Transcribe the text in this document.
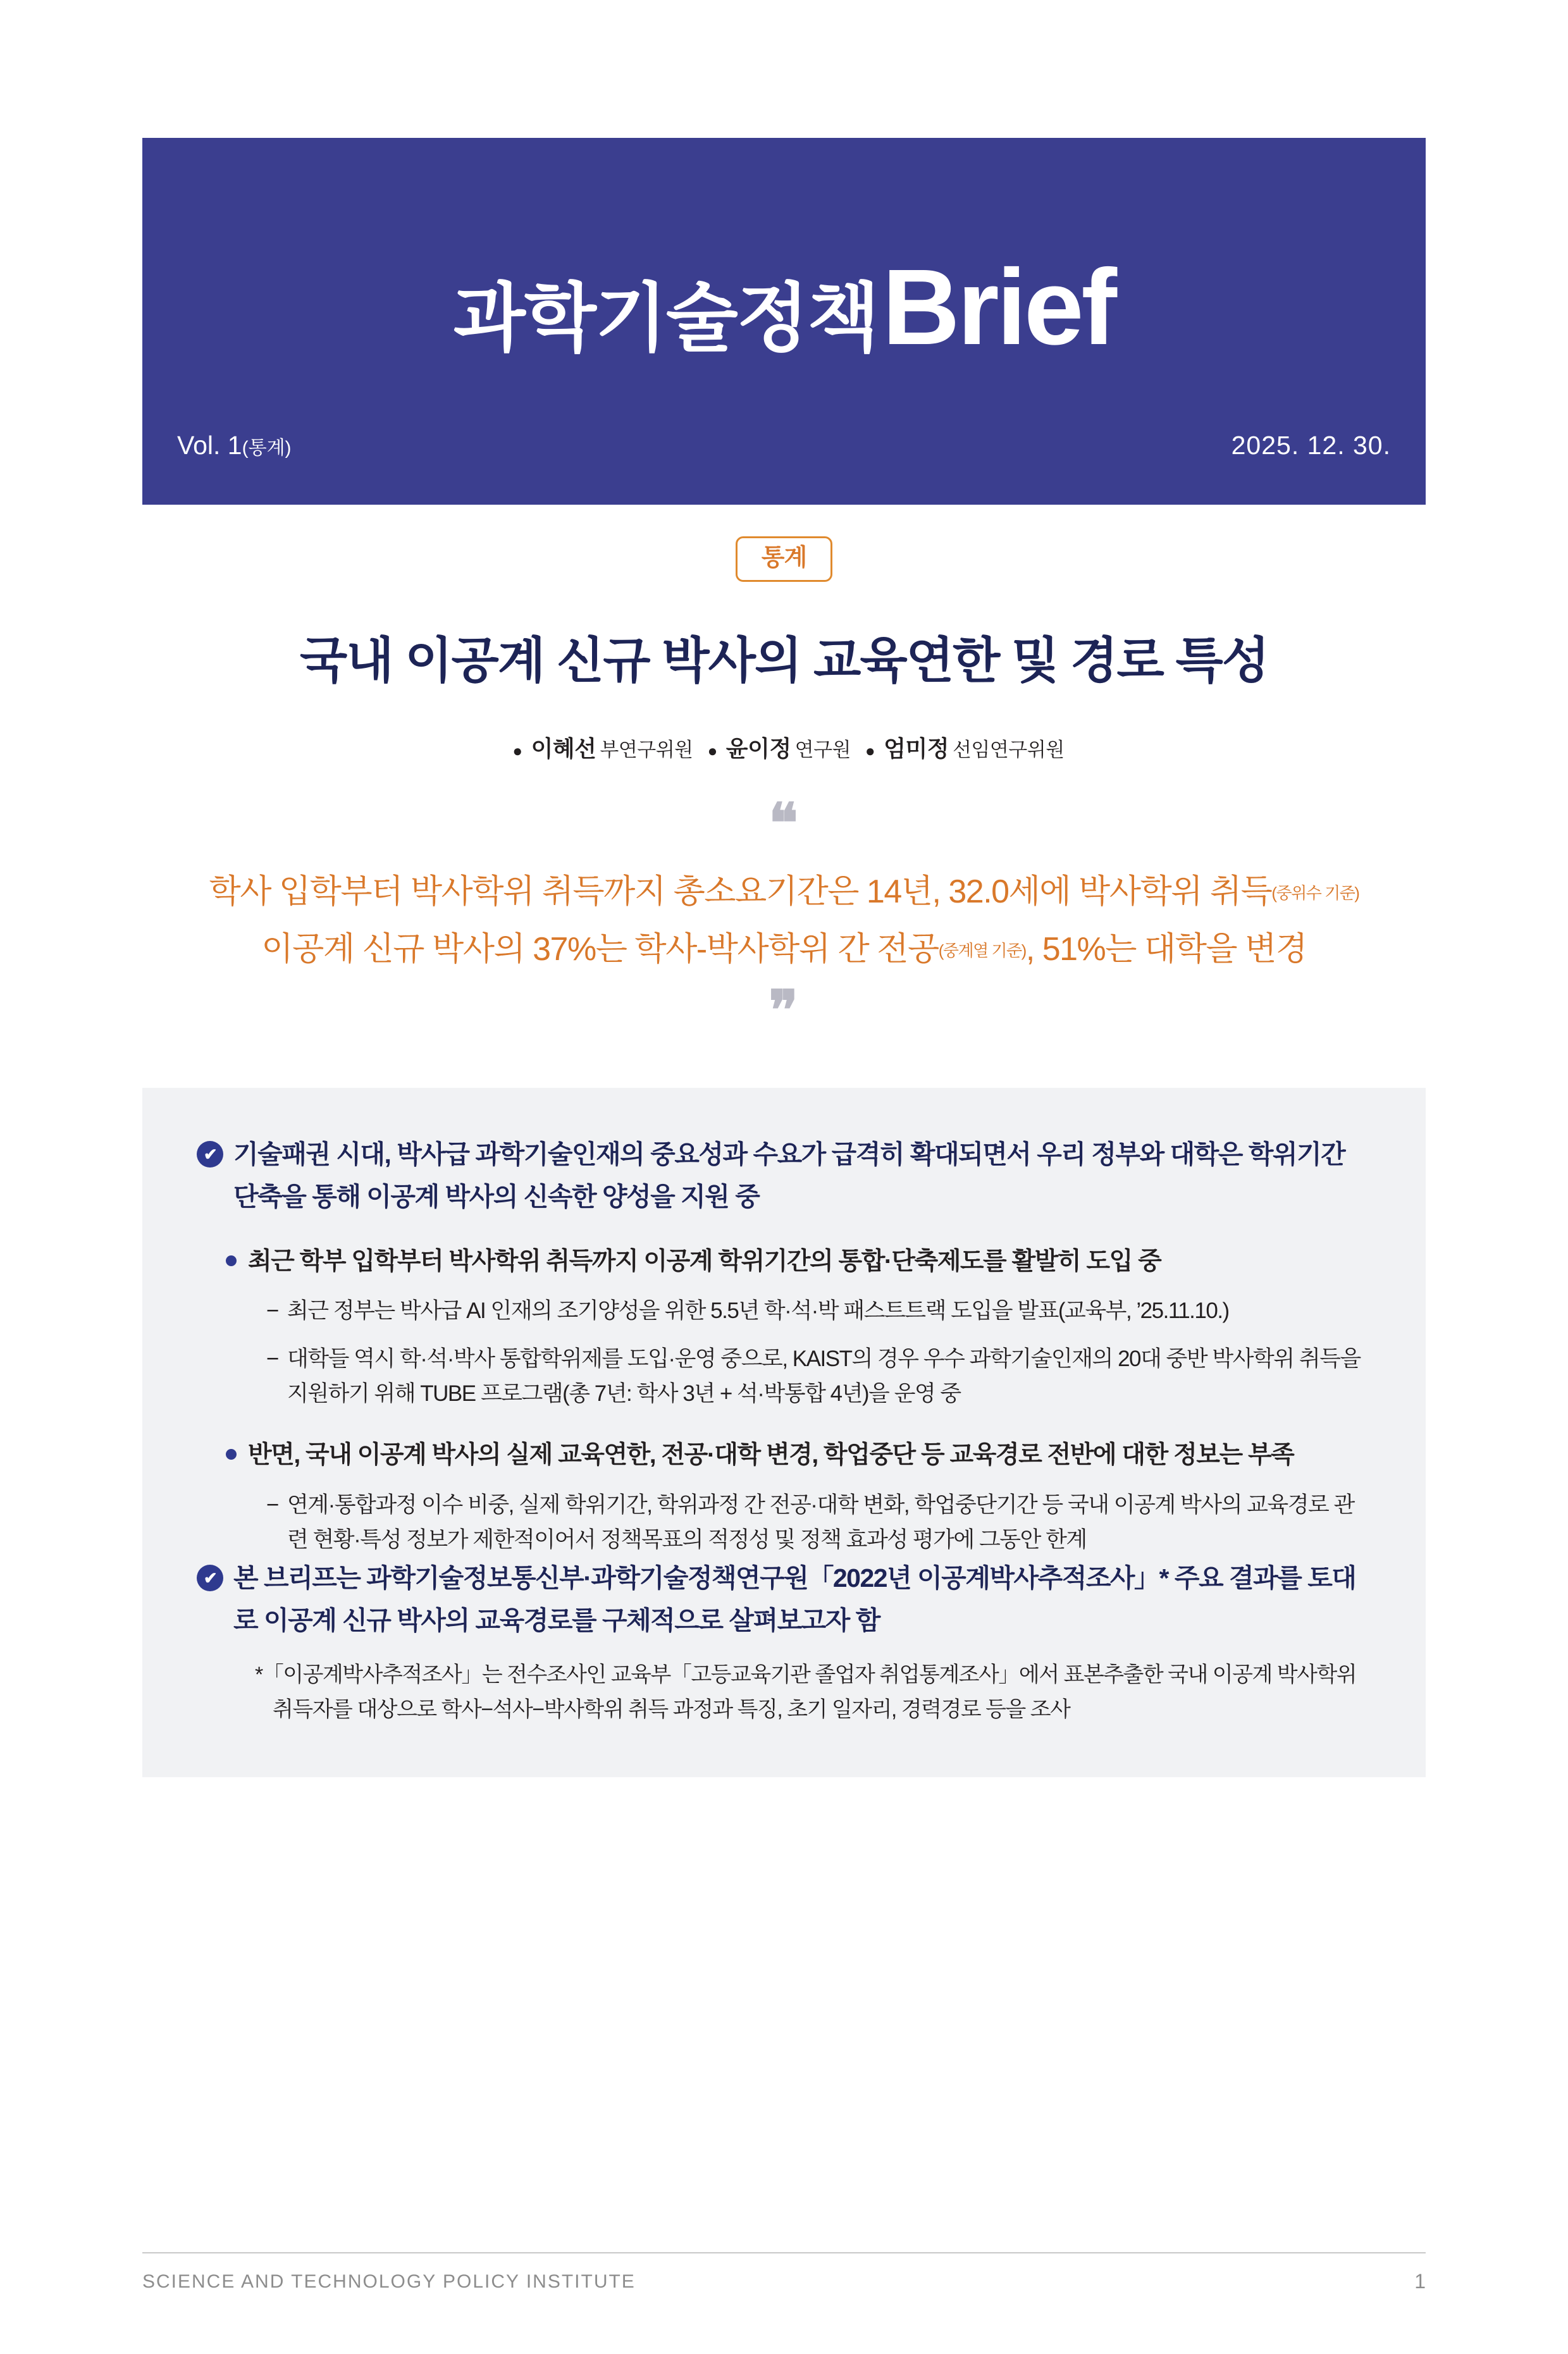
과학기술정책Brief
Vol. 1(통계)	2025. 12. 30.
통계
국내 이공계 신규 박사의 교육연한 및 경로 특성
● 이혜선 부연구위원 ● 윤이정 연구원 ● 엄미정 선임연구위원
❝
학사 입학부터 박사학위 취득까지 총소요기간은 14년, 32.0세에 박사학위 취득(중위수 기준)
이공계 신규 박사의 37%는 학사-박사학위 간 전공(중계열 기준), 51%는 대학을 변경
❞
✔ 기술패권 시대, 박사급 과학기술인재의 중요성과 수요가 급격히 확대되면서 우리 정부와 대학은 학위기간 단축을 통해 이공계 박사의 신속한 양성을 지원 중
최근 학부 입학부터 박사학위 취득까지 이공계 학위기간의 통합·단축제도를 활발히 도입 중
− 최근 정부는 박사급 AI 인재의 조기양성을 위한 5.5년 학·석·박 패스트트랙 도입을 발표(교육부, ’25.11.10.)
− 대학들 역시 학·석·박사 통합학위제를 도입·운영 중으로, KAIST의 경우 우수 과학기술인재의 20대 중반 박사학위 취득을 지원하기 위해 TUBE 프로그램(총 7년: 학사 3년 + 석·박통합 4년)을 운영 중
반면, 국내 이공계 박사의 실제 교육연한, 전공·대학 변경, 학업중단 등 교육경로 전반에 대한 정보는 부족
− 연계·통합과정 이수 비중, 실제 학위기간, 학위과정 간 전공·대학 변화, 학업중단기간 등 국내 이공계 박사의 교육경로 관련 현황·특성 정보가 제한적이어서 정책목표의 적정성 및 정책 효과성 평가에 그동안 한계
✔ 본 브리프는 과학기술정보통신부·과학기술정책연구원「2022년 이공계박사추적조사」* 주요 결과를 토대로 이공계 신규 박사의 교육경로를 구체적으로 살펴보고자 함
*「이공계박사추적조사」는 전수조사인 교육부「고등교육기관 졸업자 취업통계조사」에서 표본추출한 국내 이공계 박사학위취득자를 대상으로 학사−석사−박사학위 취득 과정과 특징, 초기 일자리, 경력경로 등을 조사
SCIENCE AND TECHNOLOGY POLICY INSTITUTE	1
